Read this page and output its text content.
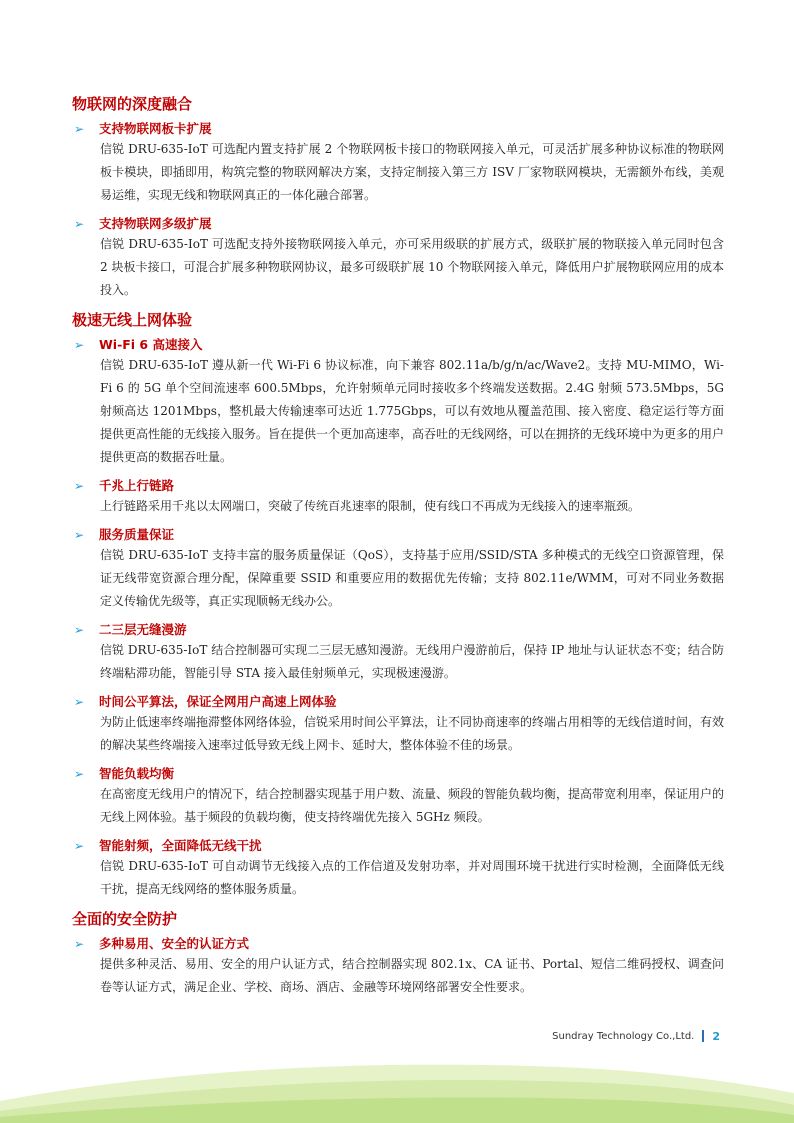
物联网的深度融合
➢ 支持物联网板卡扩展
信锐 DRU-635-IoT 可选配内置支持扩展 2 个物联网板卡接口的物联网接入单元，可灵活扩展多种协议标准的物联网板卡模块，即插即用，构筑完整的物联网解决方案，支持定制接入第三方 ISV 厂家物联网模块，无需额外布线，美观易运维，实现无线和物联网真正的一体化融合部署。
➢ 支持物联网多级扩展
信锐 DRU-635-IoT 可选配支持外接物联网接入单元，亦可采用级联的扩展方式，级联扩展的物联接入单元同时包含 2 块板卡接口，可混合扩展多种物联网协议，最多可级联扩展 10 个物联网接入单元，降低用户扩展物联网应用的成本投入。
极速无线上网体验
➢ Wi-Fi 6 高速接入
信锐 DRU-635-IoT 遵从新一代 Wi-Fi 6 协议标准，向下兼容 802.11a/b/g/n/ac/Wave2。支持 MU-MIMO，Wi-Fi 6 的 5G 单个空间流速率 600.5Mbps，允许射频单元同时接收多个终端发送数据。2.4G 射频 573.5Mbps，5G 射频高达 1201Mbps，整机最大传输速率可达近 1.775Gbps，可以有效地从覆盖范围、接入密度、稳定运行等方面提供更高性能的无线接入服务。旨在提供一个更加高速率，高吞吐的无线网络，可以在拥挤的无线环境中为更多的用户提供更高的数据吞吐量。
➢ 千兆上行链路
上行链路采用千兆以太网端口，突破了传统百兆速率的限制，使有线口不再成为无线接入的速率瓶颈。
➢ 服务质量保证
信锐 DRU-635-IoT 支持丰富的服务质量保证（QoS），支持基于应用/SSID/STA 多种模式的无线空口资源管理，保证无线带宽资源合理分配，保障重要 SSID 和重要应用的数据优先传输；支持 802.11e/WMM，可对不同业务数据定义传输优先级等，真正实现顺畅无线办公。
➢ 二三层无缝漫游
信锐 DRU-635-IoT 结合控制器可实现二三层无感知漫游。无线用户漫游前后，保持 IP 地址与认证状态不变；结合防终端粘滞功能，智能引导 STA 接入最佳射频单元，实现极速漫游。
➢ 时间公平算法，保证全网用户高速上网体验
为防止低速率终端拖滞整体网络体验，信锐采用时间公平算法，让不同协商速率的终端占用相等的无线信道时间，有效的解决某些终端接入速率过低导致无线上网卡、延时大，整体体验不佳的场景。
➢ 智能负载均衡
在高密度无线用户的情况下，结合控制器实现基于用户数、流量、频段的智能负载均衡，提高带宽利用率，保证用户的无线上网体验。基于频段的负载均衡，使支持终端优先接入 5GHz 频段。
➢ 智能射频，全面降低无线干扰
信锐 DRU-635-IoT 可自动调节无线接入点的工作信道及发射功率，并对周围环境干扰进行实时检测，全面降低无线干扰，提高无线网络的整体服务质量。
全面的安全防护
➢ 多种易用、安全的认证方式
提供多种灵活、易用、安全的用户认证方式，结合控制器实现 802.1x、CA 证书、Portal、短信二维码授权、调查问卷等认证方式，满足企业、学校、商场、酒店、金融等环境网络部署安全性要求。
Sundray Technology Co.,Ltd. 2
